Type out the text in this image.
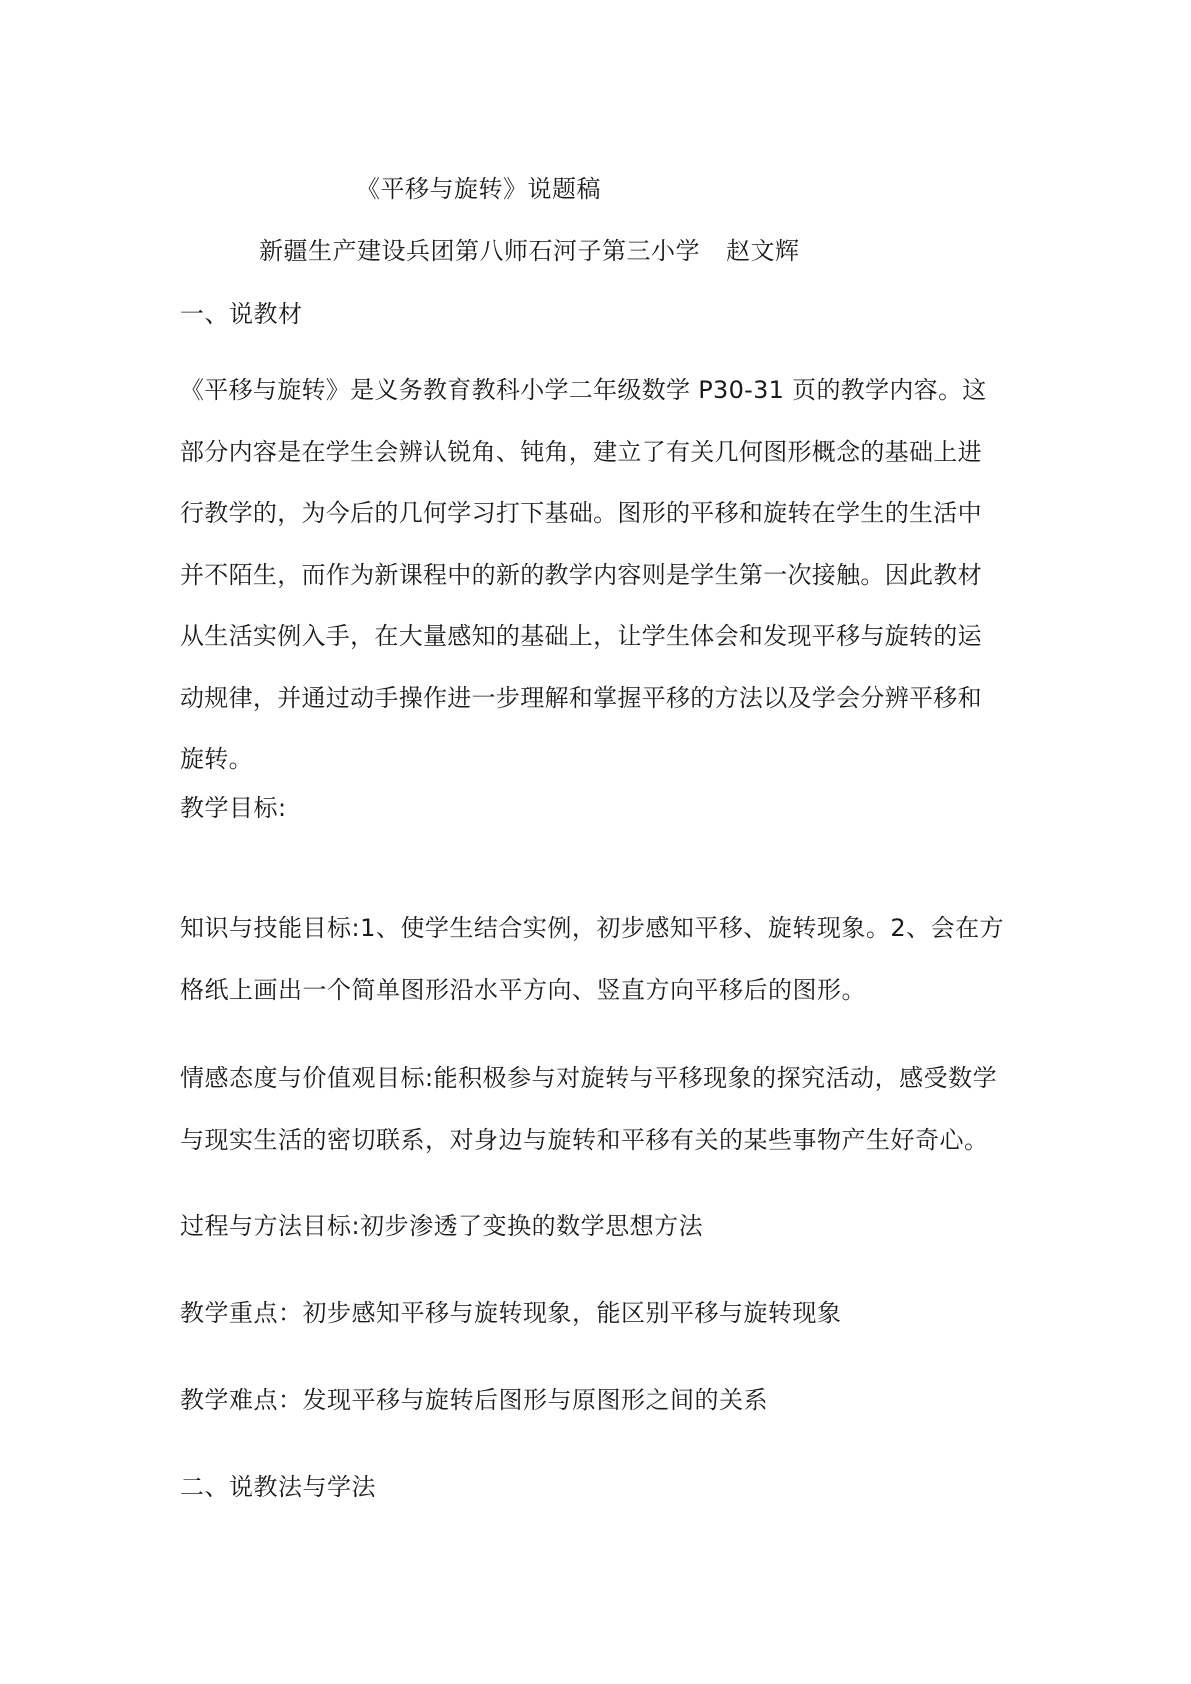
《平移与旋转》说题稿
新疆生产建设兵团第八师石河子第三小学 赵文辉
一、说教材
《平移与旋转》是义务教育教科小学二年级数学 P30-31 页的教学内容。这
部分内容是在学生会辨认锐角、钝角，建立了有关几何图形概念的基础上进
行教学的，为今后的几何学习打下基础。图形的平移和旋转在学生的生活中
并不陌生，而作为新课程中的新的教学内容则是学生第一次接触。因此教材
从生活实例入手，在大量感知的基础上，让学生体会和发现平移与旋转的运
动规律，并通过动手操作进一步理解和掌握平移的方法以及学会分辨平移和
旋转。
教学目标:
知识与技能目标:1、使学生结合实例，初步感知平移、旋转现象。2、会在方
格纸上画出一个简单图形沿水平方向、竖直方向平移后的图形。
情感态度与价值观目标:能积极参与对旋转与平移现象的探究活动，感受数学
与现实生活的密切联系，对身边与旋转和平移有关的某些事物产生好奇心。
过程与方法目标:初步渗透了变换的数学思想方法
教学重点：初步感知平移与旋转现象，能区别平移与旋转现象
教学难点：发现平移与旋转后图形与原图形之间的关系
二、说教法与学法
